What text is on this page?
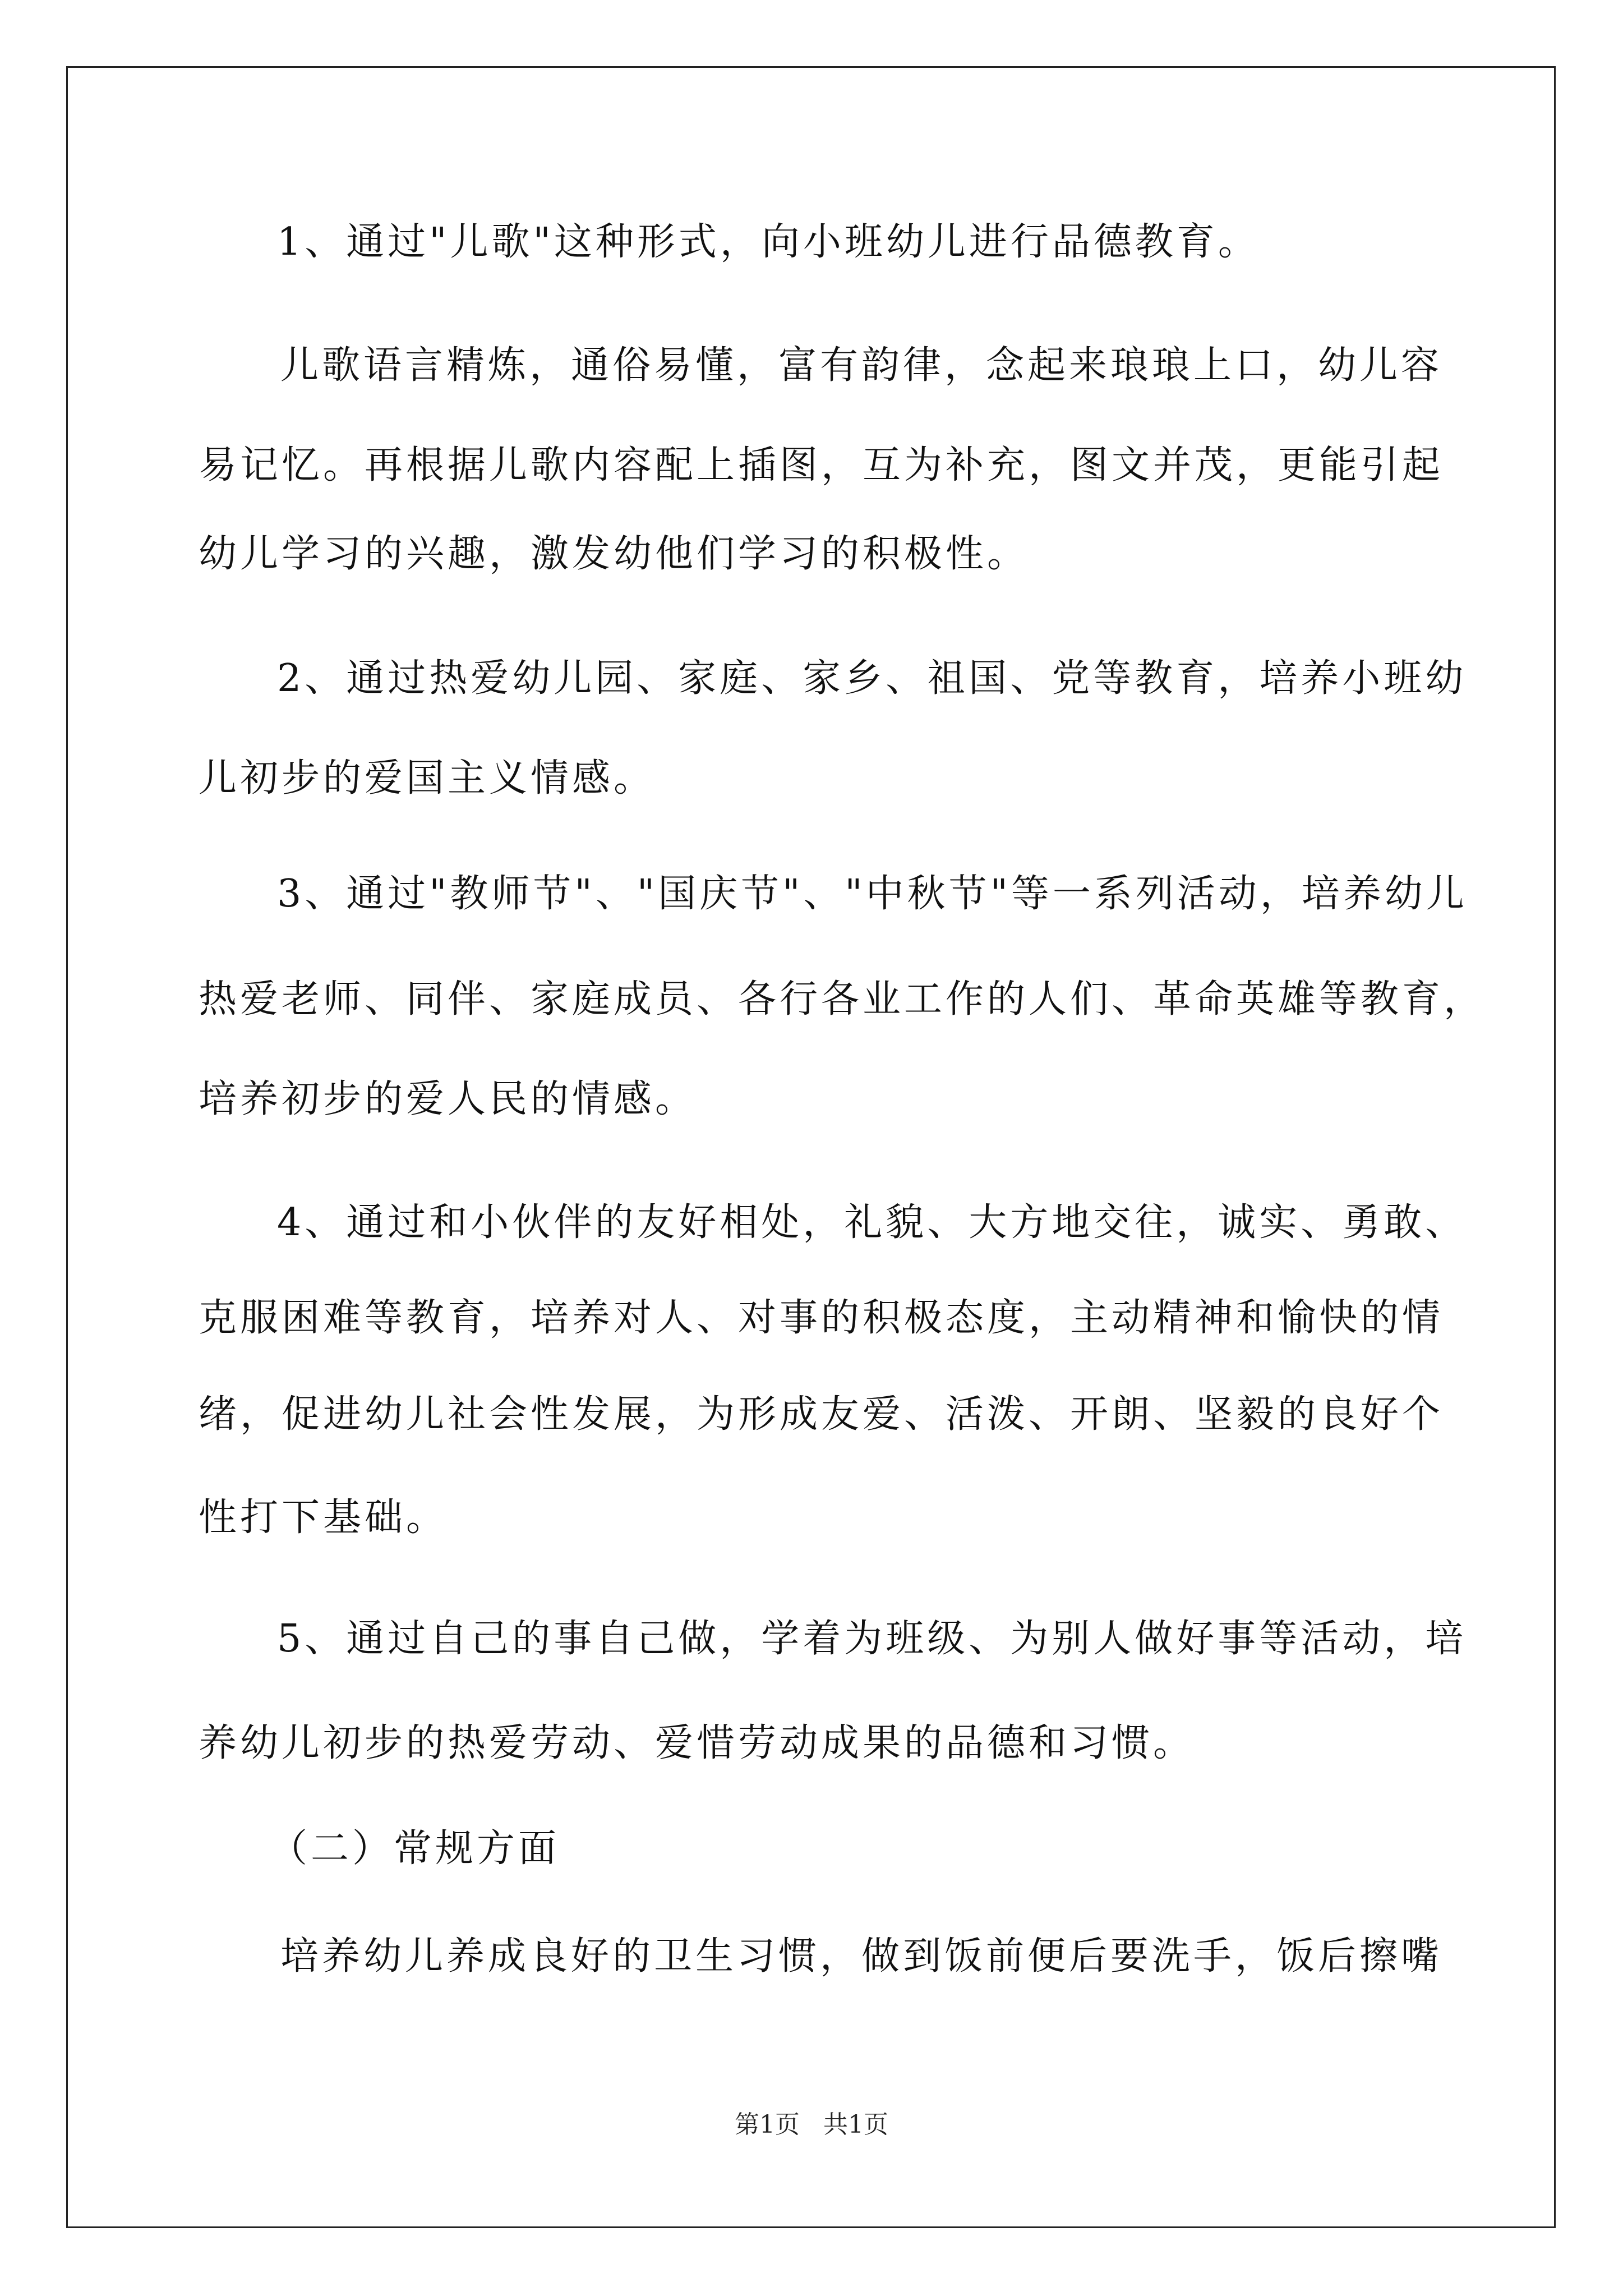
1、通过"儿歌"这种形式，向小班幼儿进行品德教育。
儿歌语言精炼，通俗易懂，富有韵律，念起来琅琅上口，幼儿容
易记忆。再根据儿歌内容配上插图，互为补充，图文并茂，更能引起
幼儿学习的兴趣，激发幼他们学习的积极性。
2、通过热爱幼儿园、家庭、家乡、祖国、党等教育，培养小班幼
儿初步的爱国主义情感。
3、通过"教师节"、"国庆节"、"中秋节"等一系列活动，培养幼儿
热爱老师、同伴、家庭成员、各行各业工作的人们、革命英雄等教育，
培养初步的爱人民的情感。
4、通过和小伙伴的友好相处，礼貌、大方地交往，诚实、勇敢、
克服困难等教育，培养对人、对事的积极态度，主动精神和愉快的情
绪，促进幼儿社会性发展，为形成友爱、活泼、开朗、坚毅的良好个
性打下基础。
5、通过自己的事自己做，学着为班级、为别人做好事等活动，培
养幼儿初步的热爱劳动、爱惜劳动成果的品德和习惯。
（二）常规方面
培养幼儿养成良好的卫生习惯，做到饭前便后要洗手，饭后擦嘴
第1页   共1页
